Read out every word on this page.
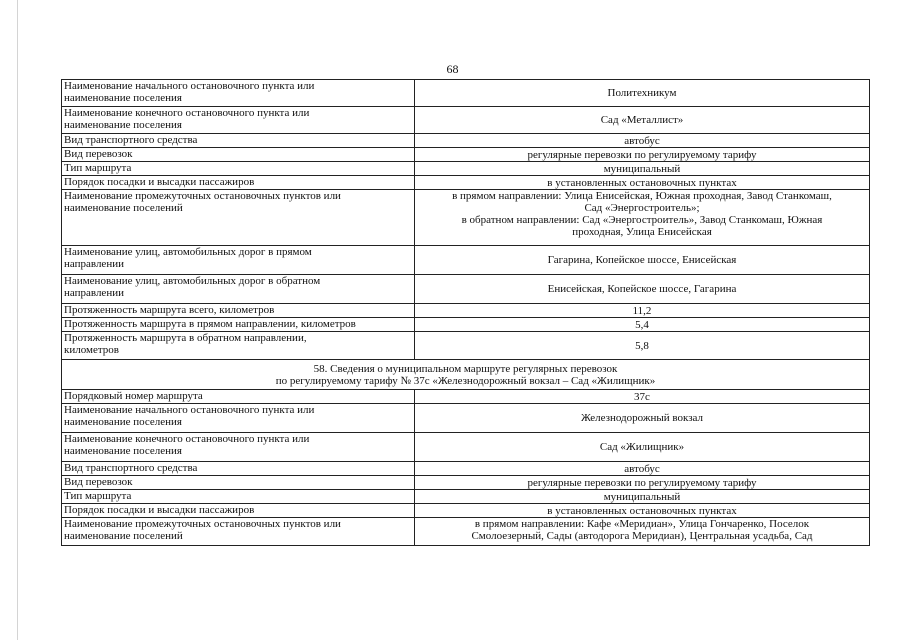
68
Наименование начального остановочного пункта или
наименование поселения	Политехникум

Наименование конечного остановочного пункта или
наименование поселения	Сад «Металлист»

Вид транспортного средства	автобус

Вид перевозок	регулярные перевозки по регулируемому тарифу

Тип маршрута	муниципальный

Порядок посадки и высадки пассажиров	в установленных остановочных пунктах

Наименование промежуточных остановочных пунктов или
наименование поселений	в прямом направлении: Улица Енисейская, Южная проходная, Завод Станкомаш,
Сад «Энергостроитель»;
в обратном направлении: Сад «Энергостроитель», Завод Станкомаш, Южная
проходная, Улица Енисейская

Наименование улиц, автомобильных дорог в прямом
направлении	Гагарина, Копейское шоссе, Енисейская

Наименование улиц, автомобильных дорог в обратном
направлении	Енисейская, Копейское шоссе, Гагарина

Протяженность маршрута всего, километров	11,2

Протяженность маршрута в прямом направлении, километров	5,4

Протяженность маршрута в обратном направлении,
километров	5,8

58. Сведения о муниципальном маршруте регулярных перевозок
по регулируемому тарифу № 37с «Железнодорожный вокзал – Сад «Жилищник»	

Порядковый номер маршрута	37с

Наименование начального остановочного пункта или
наименование поселения	Железнодорожный вокзал

Наименование конечного остановочного пункта или
наименование поселения	Сад «Жилищник»

Вид транспортного средства	автобус

Вид перевозок	регулярные перевозки по регулируемому тарифу

Тип маршрута	муниципальный

Порядок посадки и высадки пассажиров	в установленных остановочных пунктах

Наименование промежуточных остановочных пунктов или
наименование поселений	в прямом направлении: Кафе «Меридиан», Улица Гончаренко, Поселок
Смолоезерный, Сады (автодорога Меридиан), Центральная усадьба, Сад
